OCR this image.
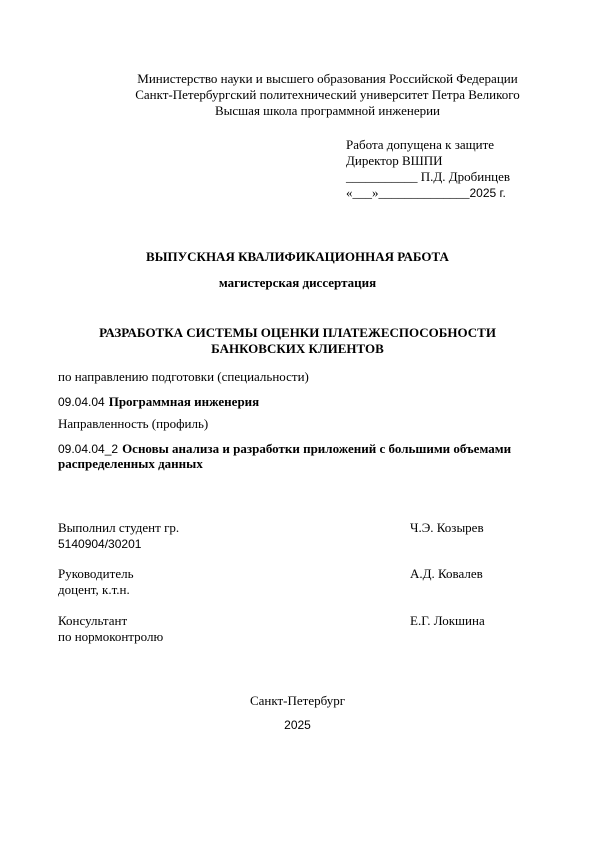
Министерство науки и высшего образования Российской Федерации
Санкт-Петербургский политехнический университет Петра Великого
Высшая школа программной инженерии
Работа допущена к защите
Директор ВШПИ
___________ П.Д. Дробинцев
«___»______________2025 г.
ВЫПУСКНАЯ КВАЛИФИКАЦИОННАЯ РАБОТА
магистерская диссертация
РАЗРАБОТКА СИСТЕМЫ ОЦЕНКИ ПЛАТЕЖЕСПОСОБНОСТИ
БАНКОВСКИХ КЛИЕНТОВ
по направлению подготовки (специальности)
09.04.04 Программная инженерия
Направленность (профиль)
09.04.04_2 Основы анализа и разработки приложений с большими объемами
распределенных данных
Выполнил студент гр.
5140904/30201
Ч.Э. Козырев
Руководитель
доцент, к.т.н.
А.Д. Ковалев
Консультант
по нормоконтролю
Е.Г. Локшина
Санкт-Петербург
2025
